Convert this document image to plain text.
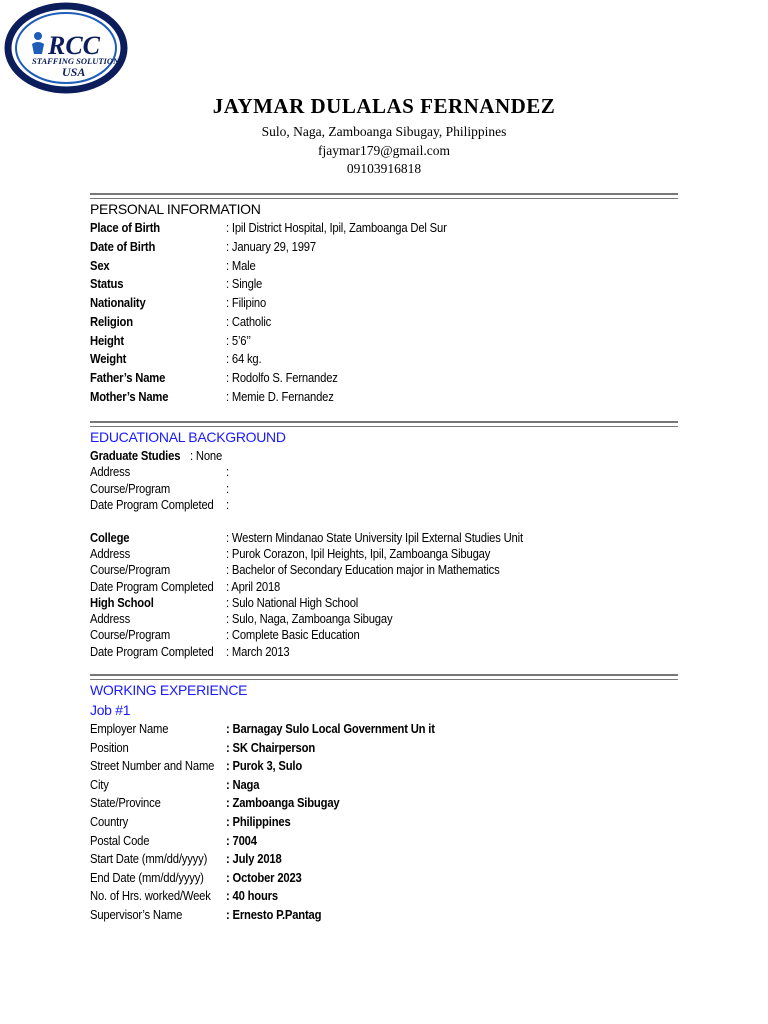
RCC
STAFFING SOLUTION
USA
JAYMAR DULALAS FERNANDEZ
Sulo, Naga, Zamboanga Sibugay, Philippines
fjaymar179@gmail.com
09103916818
PERSONAL INFORMATION
Place of Birth	: Ipil District Hospital, Ipil, Zamboanga Del Sur
Date of Birth	: January 29, 1997
Sex	: Male
Status	: Single
Nationality	: Filipino
Religion	: Catholic
Height	: 5’6’’
Weight	: 64 kg.
Father’s Name	: Rodolfo S. Fernandez
Mother’s Name	: Memie D. Fernandez
EDUCATIONAL BACKGROUND
Graduate Studies: None
Address	:
Course/Program	:
Date Program Completed :
College	: Western Mindanao State University Ipil External Studies Unit
Address	: Purok Corazon, Ipil Heights, Ipil, Zamboanga Sibugay
Course/Program	: Bachelor of Secondary Education major in Mathematics
Date Program Completed : April 2018
High School	: Sulo National High School
Address	: Sulo, Naga, Zamboanga Sibugay
Course/Program	: Complete Basic Education
Date Program Completed : March 2013
WORKING EXPERIENCE
Job #1
Employer Name	: Barnagay Sulo Local Government Un it
Position	: SK Chairperson
Street Number and Name : Purok 3, Sulo
City	: Naga
State/Province	: Zamboanga Sibugay
Country	: Philippines
Postal Code	: 7004
Start Date (mm/dd/yyyy) : July 2018
End Date (mm/dd/yyyy) : October 2023
No. of Hrs. worked/Week : 40 hours
Supervisor’s Name	: Ernesto P.Pantag
